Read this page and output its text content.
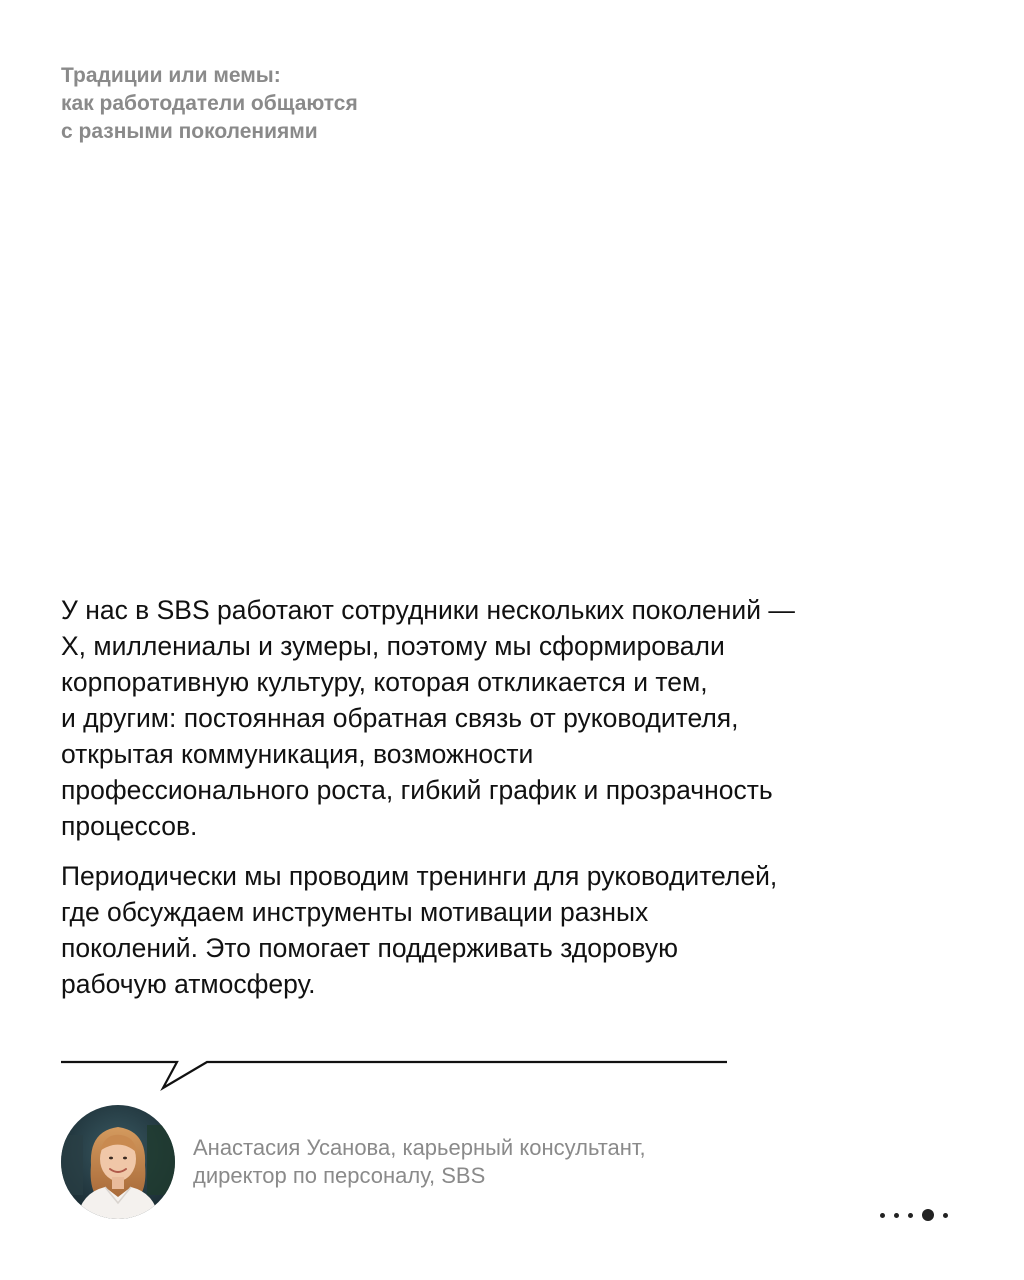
Традиции или мемы:
как работодатели общаются
с разными поколениями

У нас в SBS работают сотрудники нескольких поколений —
Х, миллениалы и зумеры, поэтому мы сформировали
корпоративную культуру, которая откликается и тем,
и другим: постоянная обратная связь от руководителя,
открытая коммуникация, возможности
профессионального роста, гибкий график и прозрачность
процессов.

Периодически мы проводим тренинги для руководителей,
где обсуждаем инструменты мотивации разных
поколений. Это помогает поддерживать здоровую
рабочую атмосферу.

Анастасия Усанова, карьерный консультант,
директор по персоналу, SBS
